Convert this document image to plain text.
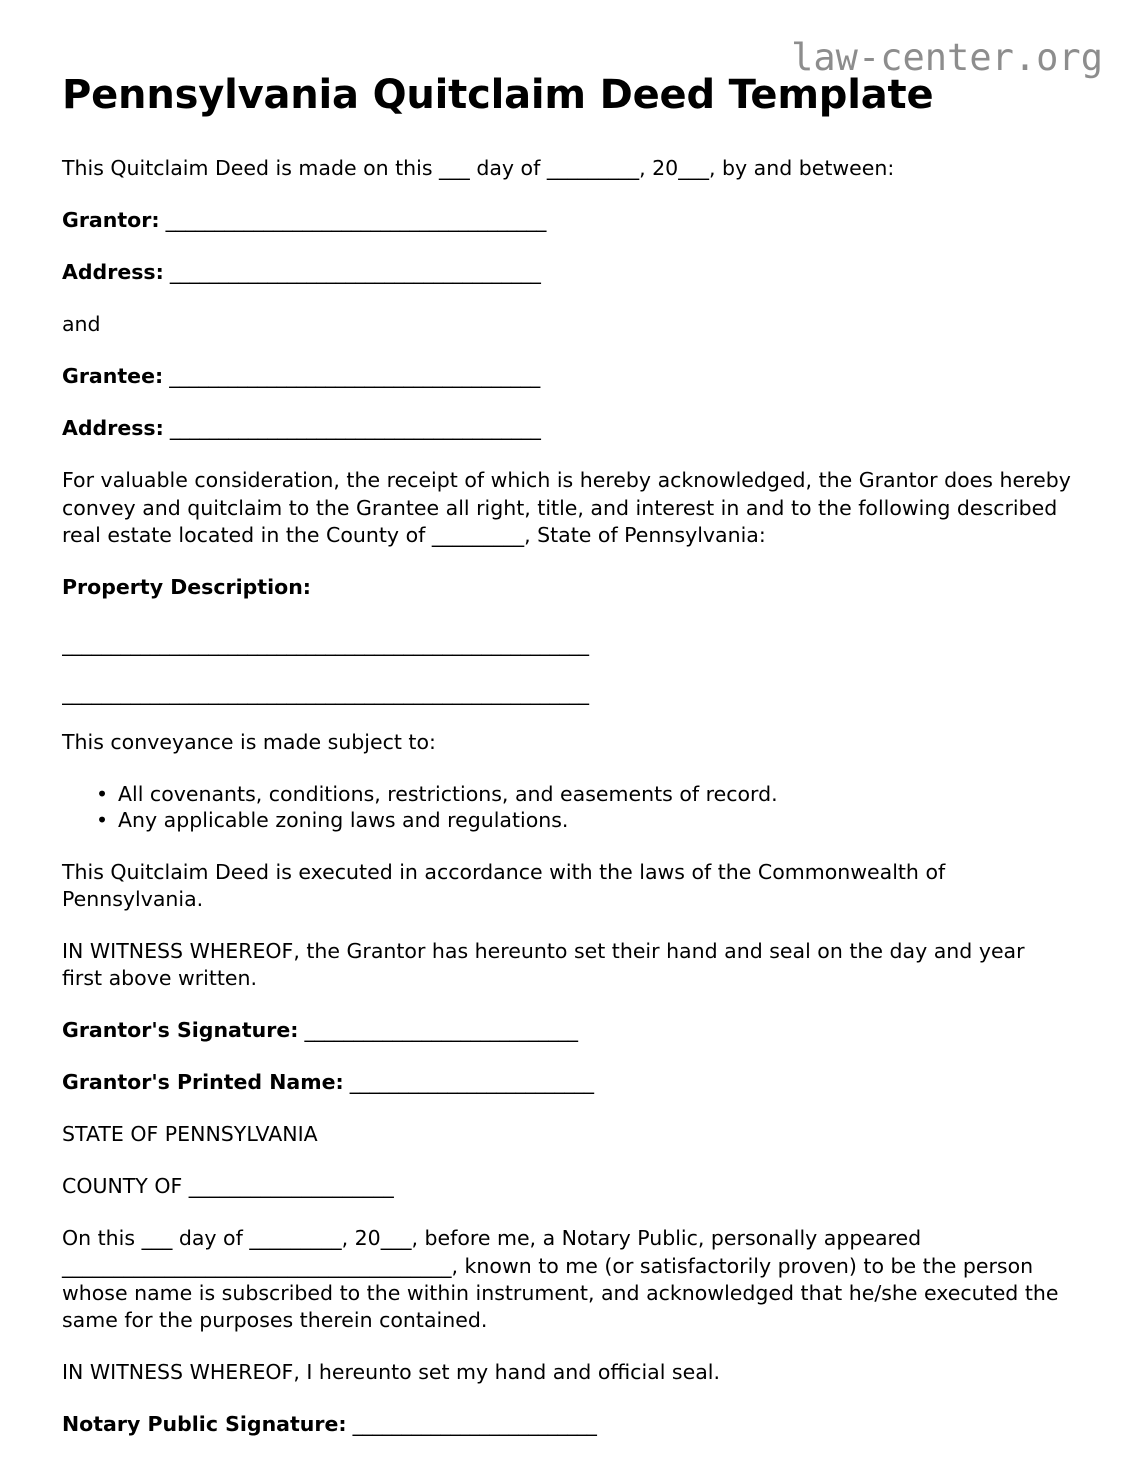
law-center.org
Pennsylvania Quitclaim Deed Template

This Quitclaim Deed is made on this ___ day of _________, 20___, by and between:

Grantor: _______________________________________
Address: ______________________________________

and

Grantee: ______________________________________
Address: ______________________________________

For valuable consideration, the receipt of which is hereby acknowledged, the Grantor does hereby convey and quitclaim to the Grantee all right, title, and interest in and to the following described real estate located in the County of _________, State of Pennsylvania:

Property Description:
______________________________________________________
______________________________________________________

This conveyance is made subject to:

• All covenants, conditions, restrictions, and easements of record.
• Any applicable zoning laws and regulations.

This Quitclaim Deed is executed in accordance with the laws of the Commonwealth of Pennsylvania.

IN WITNESS WHEREOF, the Grantor has hereunto set their hand and seal on the day and year first above written.

Grantor's Signature: ____________________________
Grantor's Printed Name: _________________________
STATE OF PENNSYLVANIA
COUNTY OF ____________________

On this ___ day of _________, 20___, before me, a Notary Public, personally appeared ______________________________________, known to me (or satisfactorily proven) to be the person whose name is subscribed to the within instrument, and acknowledged that he/she executed the same for the purposes therein contained.

IN WITNESS WHEREOF, I hereunto set my hand and official seal.

Notary Public Signature: _________________________
